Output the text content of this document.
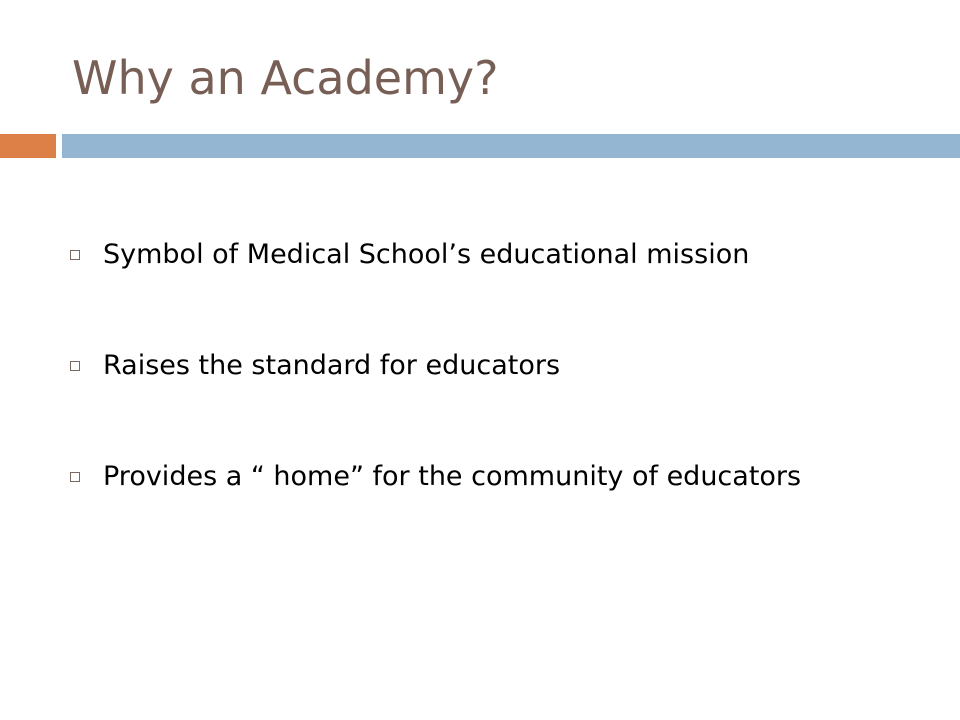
Why an Academy?
Symbol of Medical School’s educational mission
Raises the standard for educators
Provides a “ home” for the community of educators
